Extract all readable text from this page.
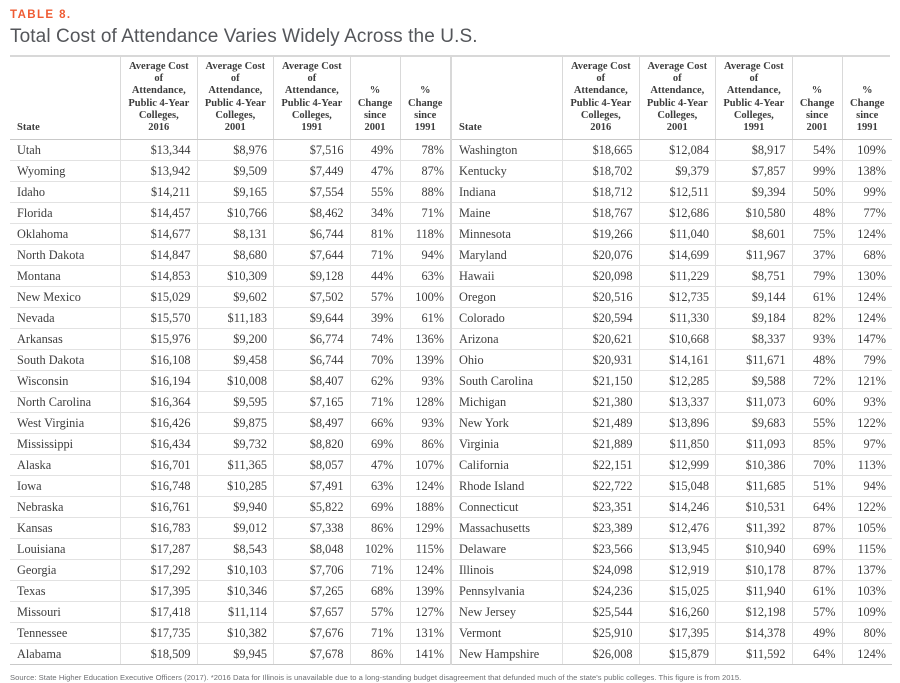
TABLE 8.
Total Cost of Attendance Varies Widely Across the U.S.
State	Average Cost
of Attendance,
Public 4-Year
Colleges, 2016	Average Cost
of Attendance,
Public 4-Year
Colleges, 2001	Average Cost
of Attendance,
Public 4-Year
Colleges, 1991	%
Change
since
2001	%
Change
since
1991
Utah	$13,344	$8,976	$7,516	49%	78%
Wyoming	$13,942	$9,509	$7,449	47%	87%
Idaho	$14,211	$9,165	$7,554	55%	88%
Florida	$14,457	$10,766	$8,462	34%	71%
Oklahoma	$14,677	$8,131	$6,744	81%	118%
North Dakota	$14,847	$8,680	$7,644	71%	94%
Montana	$14,853	$10,309	$9,128	44%	63%
New Mexico	$15,029	$9,602	$7,502	57%	100%
Nevada	$15,570	$11,183	$9,644	39%	61%
Arkansas	$15,976	$9,200	$6,774	74%	136%
South Dakota	$16,108	$9,458	$6,744	70%	139%
Wisconsin	$16,194	$10,008	$8,407	62%	93%
North Carolina	$16,364	$9,595	$7,165	71%	128%
West Virginia	$16,426	$9,875	$8,497	66%	93%
Mississippi	$16,434	$9,732	$8,820	69%	86%
Alaska	$16,701	$11,365	$8,057	47%	107%
Iowa	$16,748	$10,285	$7,491	63%	124%
Nebraska	$16,761	$9,940	$5,822	69%	188%
Kansas	$16,783	$9,012	$7,338	86%	129%
Louisiana	$17,287	$8,543	$8,048	102%	115%
Georgia	$17,292	$10,103	$7,706	71%	124%
Texas	$17,395	$10,346	$7,265	68%	139%
Missouri	$17,418	$11,114	$7,657	57%	127%
Tennessee	$17,735	$10,382	$7,676	71%	131%
Alabama	$18,509	$9,945	$7,678	86%	141%
State	Average Cost
of Attendance,
Public 4-Year
Colleges, 2016	Average Cost
of Attendance,
Public 4-Year
Colleges, 2001	Average Cost
of Attendance,
Public 4-Year
Colleges, 1991	%
Change
since
2001	%
Change
since
1991
Washington	$18,665	$12,084	$8,917	54%	109%
Kentucky	$18,702	$9,379	$7,857	99%	138%
Indiana	$18,712	$12,511	$9,394	50%	99%
Maine	$18,767	$12,686	$10,580	48%	77%
Minnesota	$19,266	$11,040	$8,601	75%	124%
Maryland	$20,076	$14,699	$11,967	37%	68%
Hawaii	$20,098	$11,229	$8,751	79%	130%
Oregon	$20,516	$12,735	$9,144	61%	124%
Colorado	$20,594	$11,330	$9,184	82%	124%
Arizona	$20,621	$10,668	$8,337	93%	147%
Ohio	$20,931	$14,161	$11,671	48%	79%
South Carolina	$21,150	$12,285	$9,588	72%	121%
Michigan	$21,380	$13,337	$11,073	60%	93%
New York	$21,489	$13,896	$9,683	55%	122%
Virginia	$21,889	$11,850	$11,093	85%	97%
California	$22,151	$12,999	$10,386	70%	113%
Rhode Island	$22,722	$15,048	$11,685	51%	94%
Connecticut	$23,351	$14,246	$10,531	64%	122%
Massachusetts	$23,389	$12,476	$11,392	87%	105%
Delaware	$23,566	$13,945	$10,940	69%	115%
Illinois	$24,098	$12,919	$10,178	87%	137%
Pennsylvania	$24,236	$15,025	$11,940	61%	103%
New Jersey	$25,544	$16,260	$12,198	57%	109%
Vermont	$25,910	$17,395	$14,378	49%	80%
New Hampshire	$26,008	$15,879	$11,592	64%	124%
Source: State Higher Education Executive Officers (2017). *2016 Data for Illinois is unavailable due to a long-standing budget disagreement that defunded much of the state's public colleges. This figure is from 2015.
